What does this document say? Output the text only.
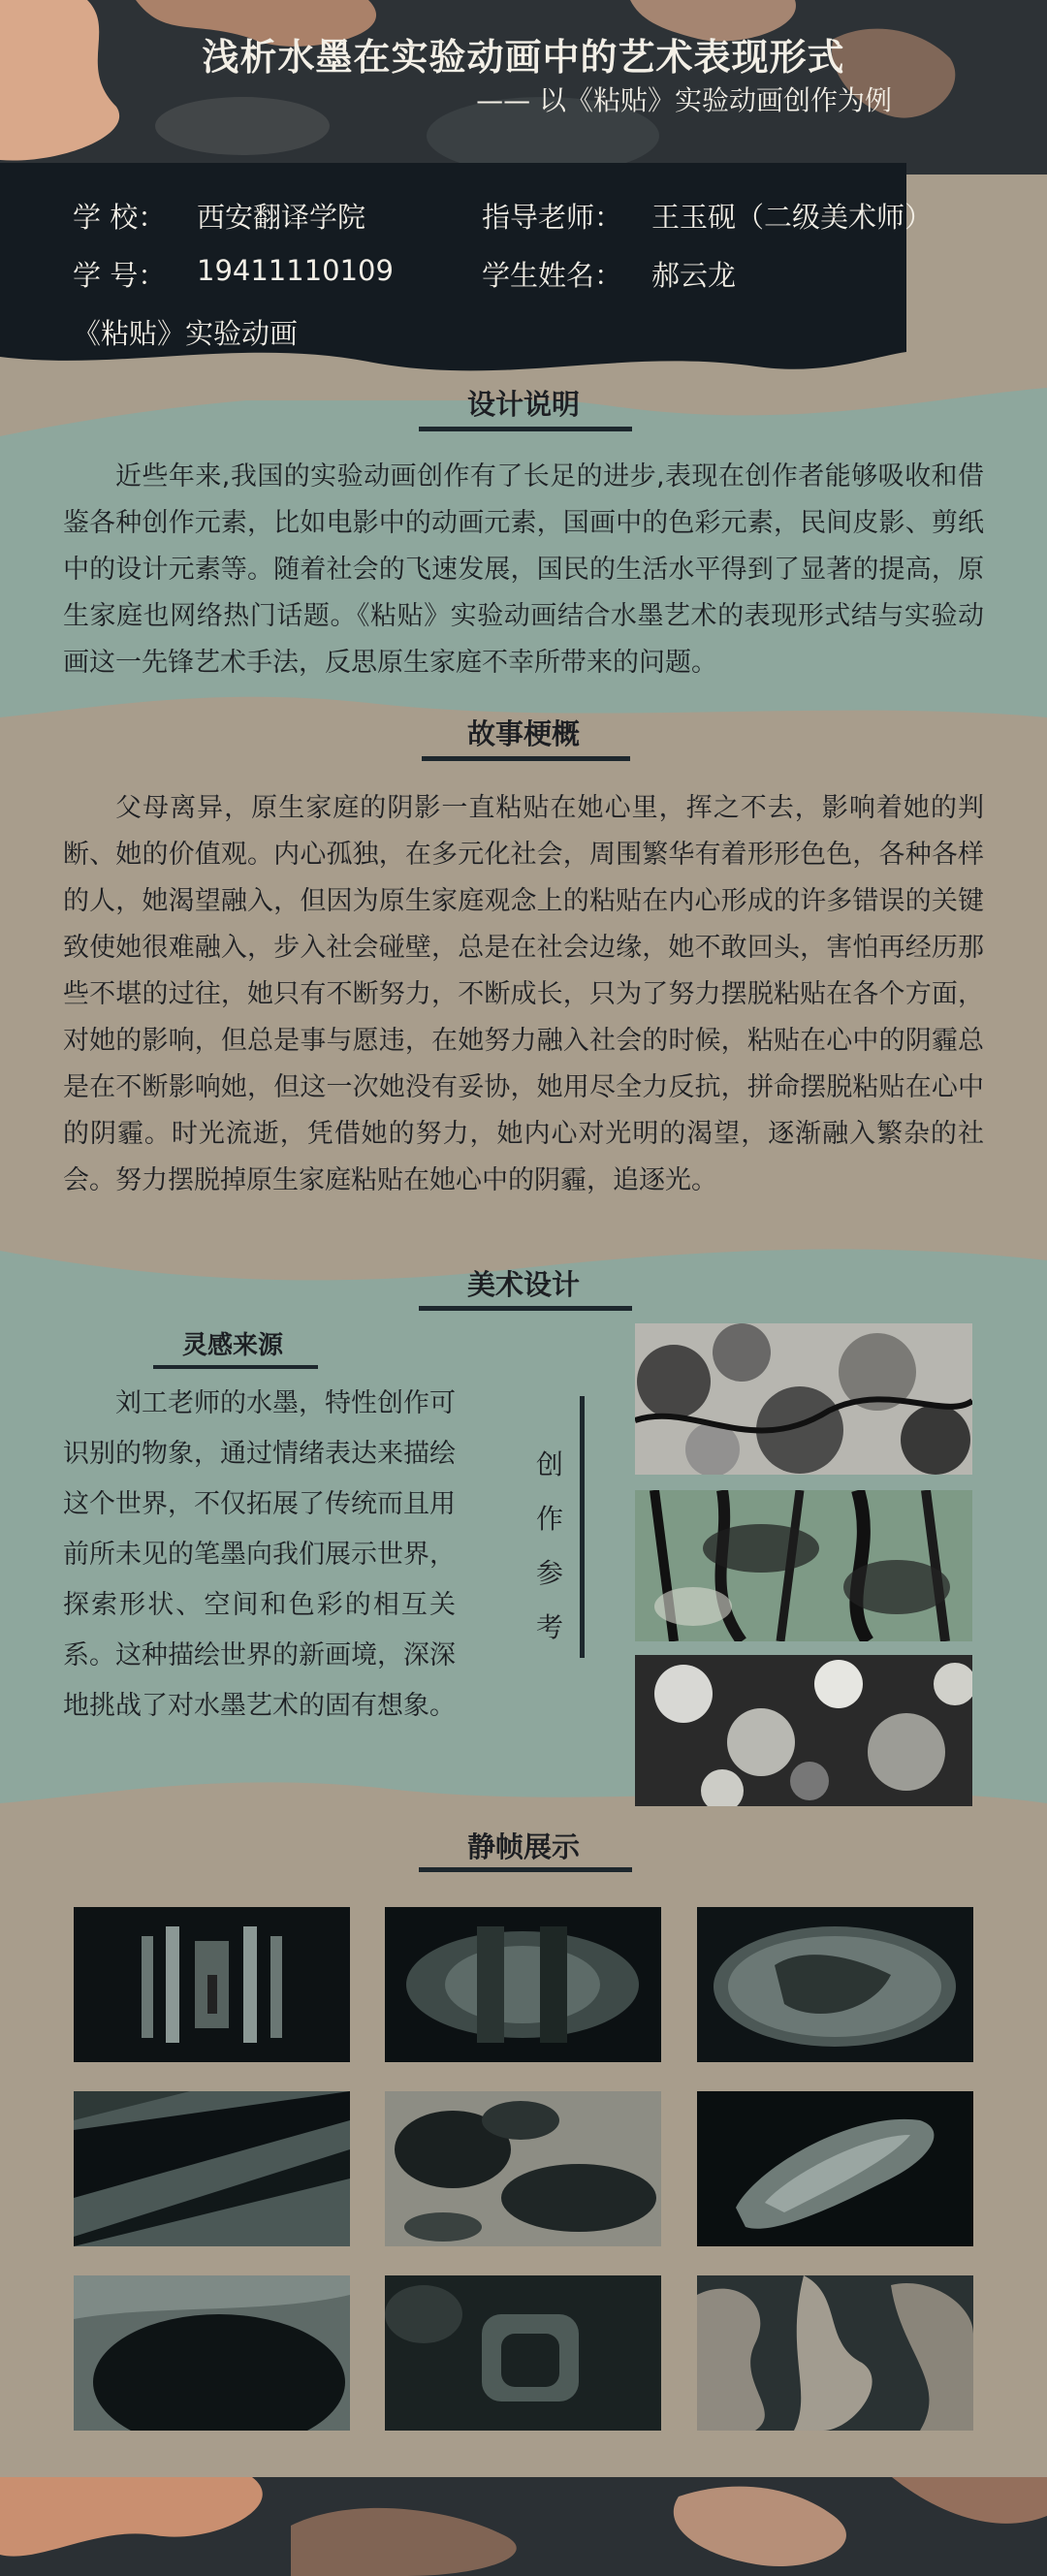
浅析水墨在实验动画中的艺术表现形式
—— 以《粘贴》实验动画创作为例
学 校： 西安翻译学院	指导老师： 王玉砚（二级美术师）
学 号： 19411110109	学生姓名： 郝云龙
《粘贴》实验动画
设计说明
近些年来,我国的实验动画创作有了长足的进步,表现在创作者能够吸收和借鉴各种创作元素，比如电影中的动画元素，国画中的色彩元素，民间皮影、剪纸中的设计元素等。随着社会的飞速发展，国民的生活水平得到了显著的提高，原生家庭也网络热门话题。《粘贴》实验动画结合水墨艺术的表现形式结与实验动画这一先锋艺术手法，反思原生家庭不幸所带来的问题。
故事梗概
父母离异，原生家庭的阴影一直粘贴在她心里，挥之不去，影响着她的判断、她的价值观。内心孤独，在多元化社会，周围繁华有着形形色色，各种各样的人，她渴望融入，但因为原生家庭观念上的粘贴在内心形成的许多错误的关键致使她很难融入，步入社会碰壁，总是在社会边缘，她不敢回头，害怕再经历那些不堪的过往，她只有不断努力，不断成长，只为了努力摆脱粘贴在各个方面，对她的影响，但总是事与愿违，在她努力融入社会的时候，粘贴在心中的阴霾总是在不断影响她，但这一次她没有妥协，她用尽全力反抗，拼命摆脱粘贴在心中的阴霾。时光流逝，凭借她的努力，她内心对光明的渴望，逐渐融入繁杂的社会。努力摆脱掉原生家庭粘贴在她心中的阴霾，追逐光。
美术设计
灵感来源
刘工老师的水墨，特性创作可识别的物象，通过情绪表达来描绘这个世界，不仅拓展了传统而且用前所未见的笔墨向我们展示世界，探索形状、空间和色彩的相互关系。这种描绘世界的新画境，深深地挑战了对水墨艺术的固有想象。
创作参考
静帧展示
